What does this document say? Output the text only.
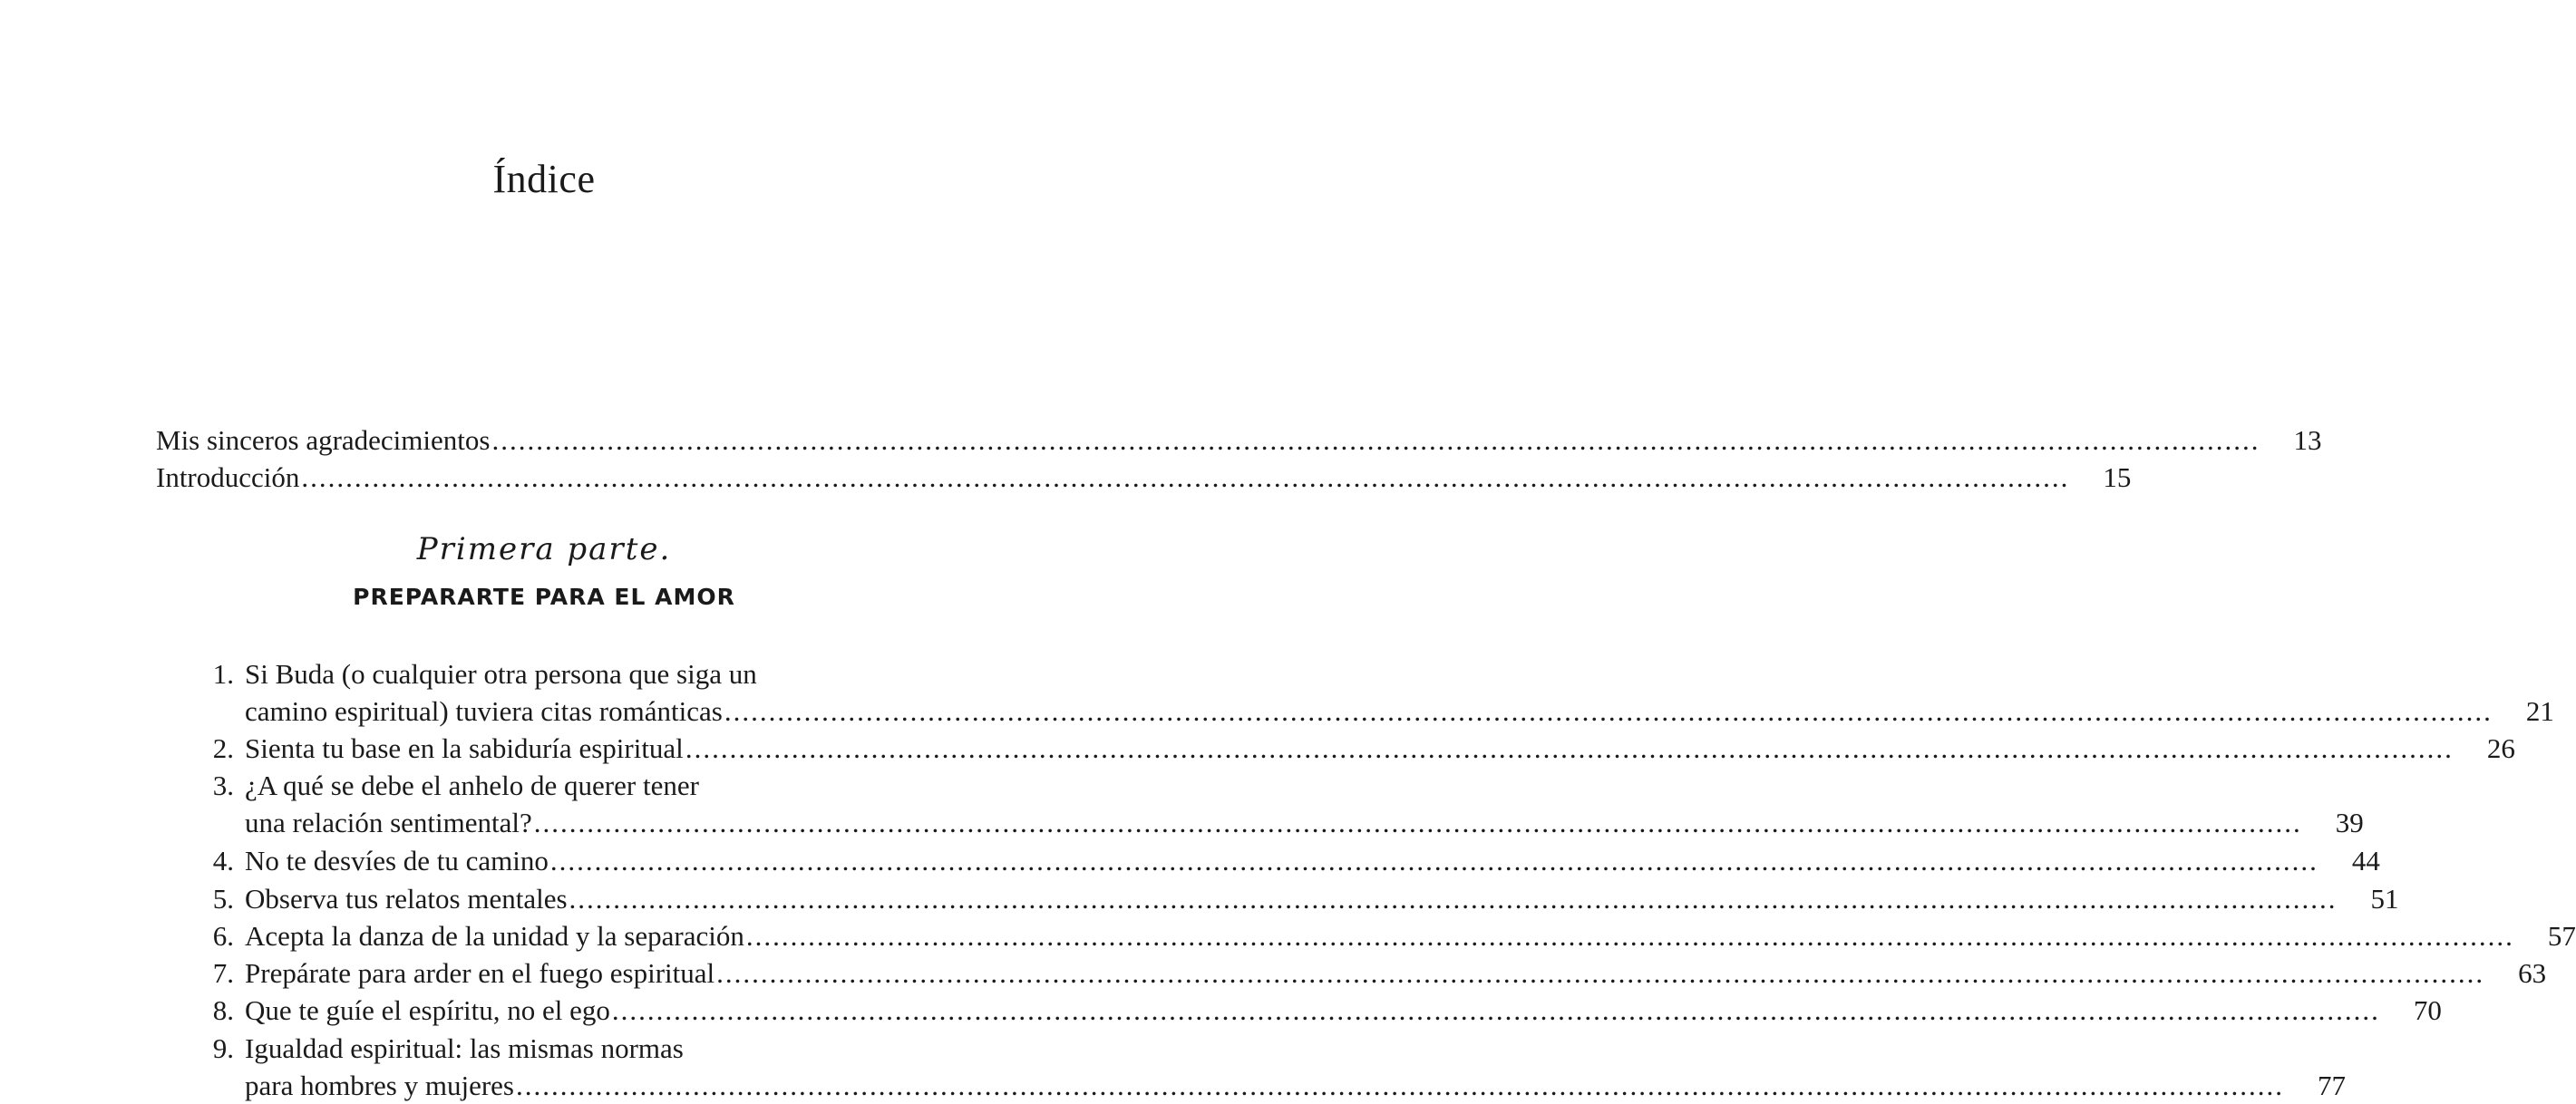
Índice
Mis sinceros agradecimientos ........................................................................................................................................................................................................	13
Introducción ........................................................................................................................................................................................................	15
Primera parte.
PREPARARTE PARA EL AMOR
1. Si Buda (o cualquier otra persona que siga un
camino espiritual) tuviera citas románticas ........................................................................................................................................................................................................	21
2. Sienta tu base en la sabiduría espiritual ........................................................................................................................................................................................................	26
3. ¿A qué se debe el anhelo de querer tener
una relación sentimental? ........................................................................................................................................................................................................	39
4. No te desvíes de tu camino ........................................................................................................................................................................................................	44
5. Observa tus relatos mentales ........................................................................................................................................................................................................	51
6. Acepta la danza de la unidad y la separación ........................................................................................................................................................................................................	57
7. Prepárate para arder en el fuego espiritual ........................................................................................................................................................................................................	63
8. Que te guíe el espíritu, no el ego ........................................................................................................................................................................................................	70
9. Igualdad espiritual: las mismas normas
para hombres y mujeres ........................................................................................................................................................................................................	77
